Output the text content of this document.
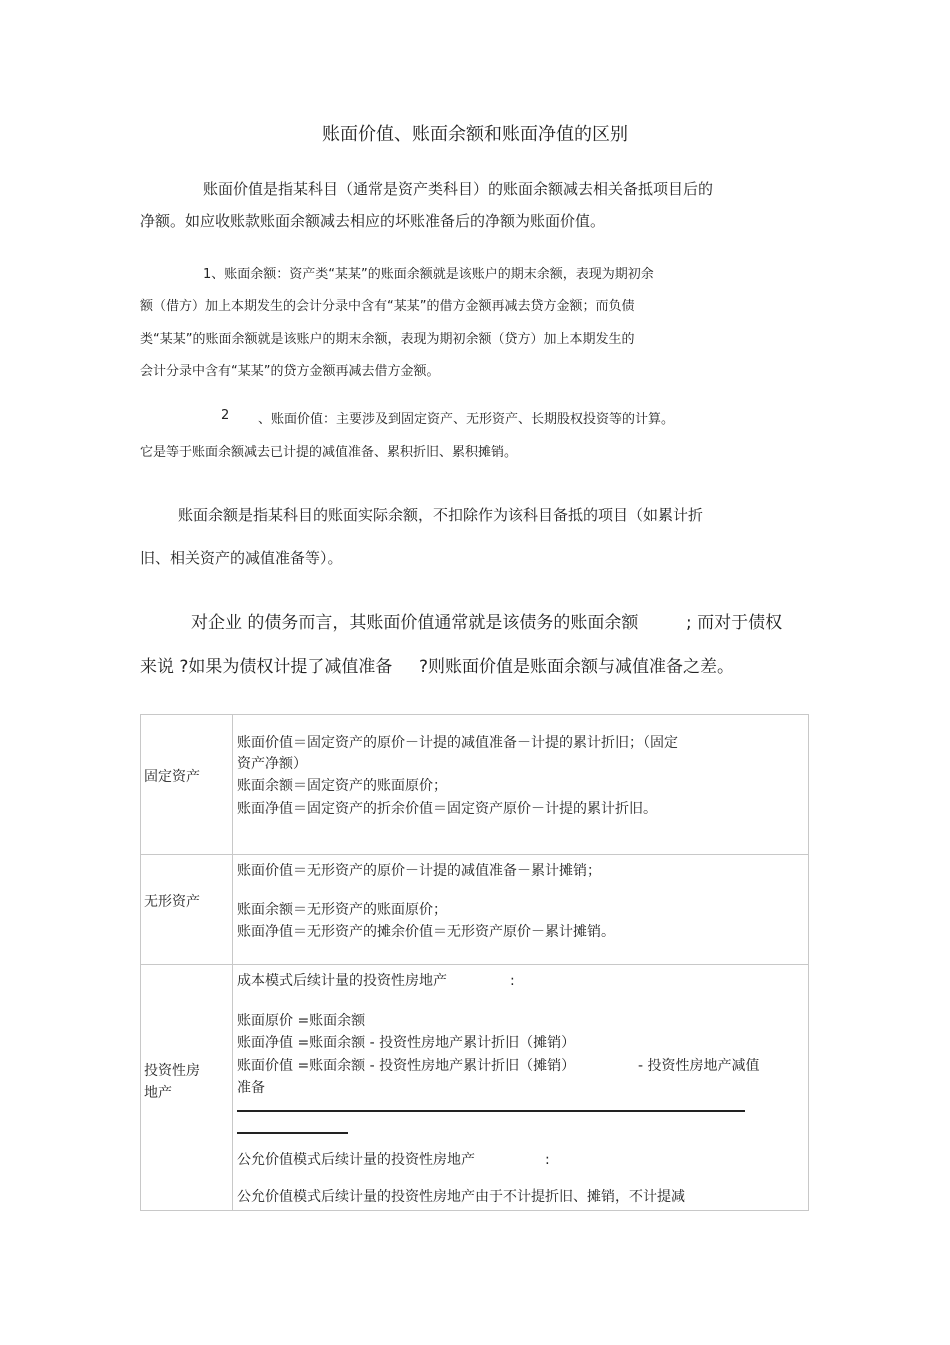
账面价值、账面余额和账面净值的区别
账面价值是指某科目（通常是资产类科目）的账面余额减去相关备抵项目后的
净额。如应收账款账面余额减去相应的坏账准备后的净额为账面价值。
1、账面余额：资产类“某某”的账面余额就是该账户的期末余额，表现为期初余
额（借方）加上本期发生的会计分录中含有“某某”的借方金额再减去贷方金额；而负债
类“某某”的账面余额就是该账户的期末余额，表现为期初余额（贷方）加上本期发生的
会计分录中含有“某某”的贷方金额再减去借方金额。
2 、账面价值：主要涉及到固定资产、无形资产、长期股权投资等的计算。
它是等于账面余额减去已计提的减值准备、累积折旧、累积摊销。
账面余额是指某科目的账面实际余额，不扣除作为该科目备抵的项目（如累计折
旧、相关资产的减值准备等）。
对企业 的债务而言，其账面价值通常就是该债务的账面余额	; 而对于债权
来说 ?如果为债权计提了减值准备 ?则账面价值是账面余额与减值准备之差。
固定资产
账面价值＝固定资产的原价－计提的减值准备－计提的累计折旧；（固定
资产净额）
账面余额＝固定资产的账面原价；
账面净值＝固定资产的折余价值＝固定资产原价－计提的累计折旧。
无形资产
账面价值＝无形资产的原价－计提的减值准备－累计摊销；
账面余额＝无形资产的账面原价；
账面净值＝无形资产的摊余价值＝无形资产原价－累计摊销。
投资性房
地产
成本模式后续计量的投资性房地产	:
账面原价 =账面余额
账面净值 =账面余额 - 投资性房地产累计折旧（摊销）
账面价值 =账面余额 - 投资性房地产累计折旧（摊销）	- 投资性房地产减值
准备
公允价值模式后续计量的投资性房地产	:
公允价值模式后续计量的投资性房地产由于不计提折旧、摊销，不计提减
